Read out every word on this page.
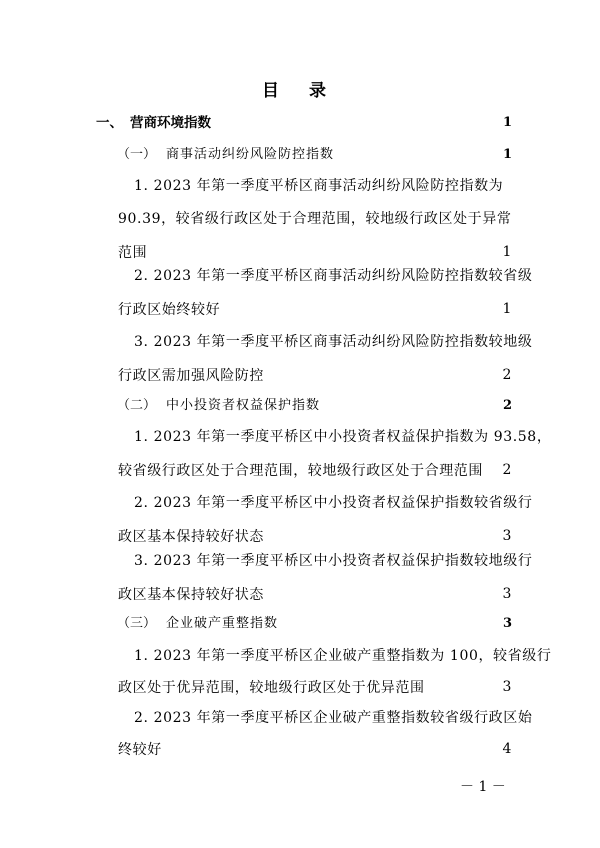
目 录
一、 营商环境指数	1
（一） 商事活动纠纷风险防控指数	1
1. 2023 年第一季度平桥区商事活动纠纷风险防控指数为
90.39，较省级行政区处于合理范围，较地级行政区处于异常
范围	1
2. 2023 年第一季度平桥区商事活动纠纷风险防控指数较省级
行政区始终较好	1
3. 2023 年第一季度平桥区商事活动纠纷风险防控指数较地级
行政区需加强风险防控	2
（二） 中小投资者权益保护指数	2
1. 2023 年第一季度平桥区中小投资者权益保护指数为 93.58，
较省级行政区处于合理范围，较地级行政区处于合理范围 2
2. 2023 年第一季度平桥区中小投资者权益保护指数较省级行
政区基本保持较好状态	3
3. 2023 年第一季度平桥区中小投资者权益保护指数较地级行
政区基本保持较好状态	3
（三） 企业破产重整指数	3
1. 2023 年第一季度平桥区企业破产重整指数为 100，较省级行
政区处于优异范围，较地级行政区处于优异范围	3
2. 2023 年第一季度平桥区企业破产重整指数较省级行政区始
终较好	4
－ 1 －
